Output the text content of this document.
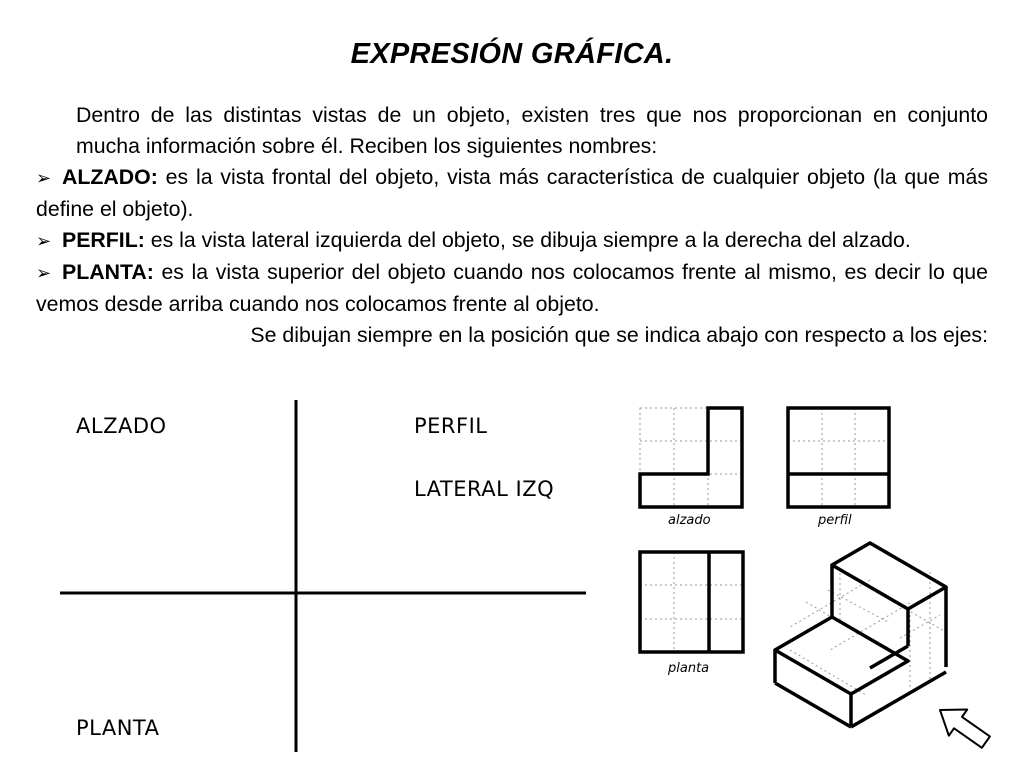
EXPRESIÓN GRÁFICA.

Dentro de las distintas vistas de un objeto, existen tres que nos proporcionan en conjunto mucha información sobre él. Reciben los siguientes nombres:

➢ ALZADO: es la vista frontal del objeto, vista más característica de cualquier objeto (la que más define el objeto).

➢ PERFIL: es la vista lateral izquierda del objeto, se dibuja siempre a la derecha del alzado.

➢ PLANTA: es la vista superior del objeto cuando nos colocamos frente al mismo, es decir lo que vemos desde arriba cuando nos colocamos frente al objeto.

Se dibujan siempre en la posición que se indica abajo con respecto a los ejes:

ALZADO	PERFIL
LATERAL IZQ
PLANTA
alzado	perfil
planta
